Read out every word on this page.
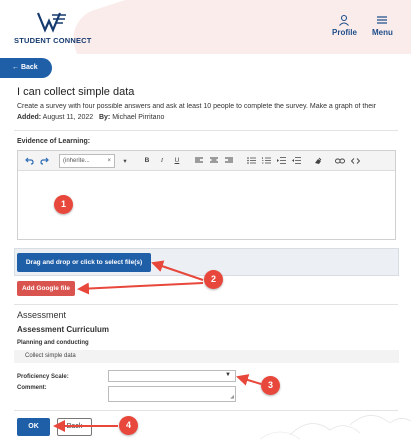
STUDENT CONNECT
Profile Menu
← Back
I can collect simple data
Create a survey with four possible answers and ask at least 10 people to complete the survey. Make a graph of their
Added: August 11, 2022 By: Michael Pirritano
Evidence of Learning:
(inherite...	×	▾	B	I	U
Drag and drop or click to select file(s)
Add Google file
Assessment
Assessment Curriculum
Planning and conducting
Collect simple data
Proficiency Scale:	▼
Comment:
◢
OK	Back
1
2
3
4
